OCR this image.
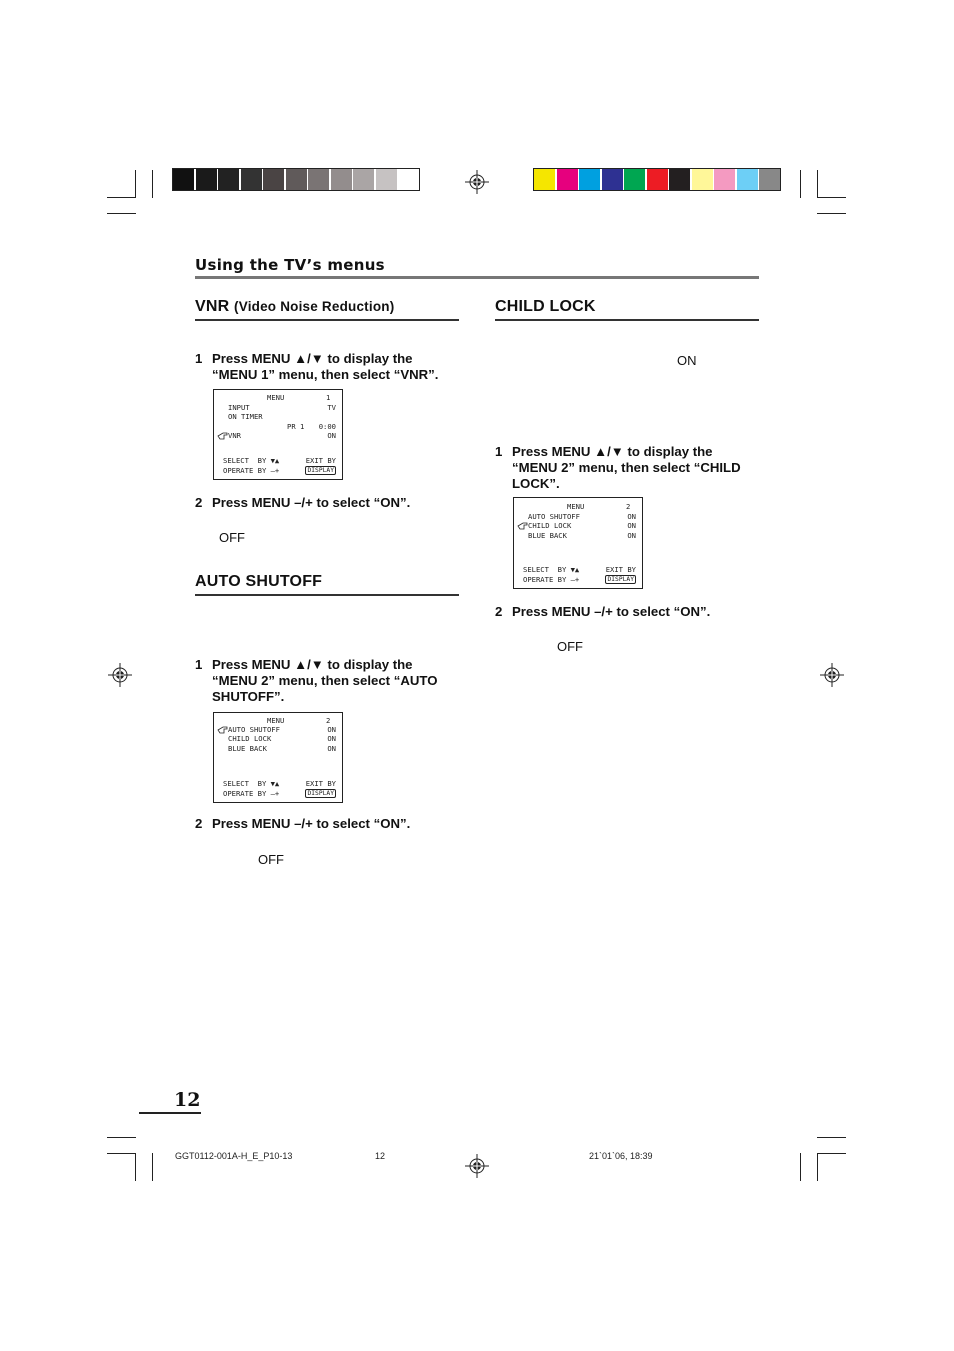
Using the TV’s menus
VNR (Video Noise Reduction)
1 Press MENU ▲/▼ to display the
“MENU 1” menu, then select “VNR”.
MENU	1
INPUT	TV
ON TIMER
PR 1 0:00
VNR	ON
SELECT  BY ▼▲	EXIT BY
OPERATE BY —+	DISPLAY
2 Press MENU –/+ to select “ON”.
OFF
AUTO SHUTOFF
1 Press MENU ▲/▼ to display the
“MENU 2” menu, then select “AUTO
SHUTOFF”.
MENU	2
AUTO SHUTOFF	ON
CHILD LOCK	ON
BLUE BACK	ON
SELECT  BY ▼▲	EXIT BY
OPERATE BY —+	DISPLAY
2 Press MENU –/+ to select “ON”.
OFF
CHILD LOCK
ON
1 Press MENU ▲/▼ to display the
“MENU 2” menu, then select “CHILD
LOCK”.
MENU	2
AUTO SHUTOFF	ON
CHILD LOCK	ON
BLUE BACK	ON
SELECT  BY ▼▲	EXIT BY
OPERATE BY —+	DISPLAY
2 Press MENU –/+ to select “ON”.
OFF
12
GGT0112-001A-H_E_P10-13	12	21`01`06, 18:39
